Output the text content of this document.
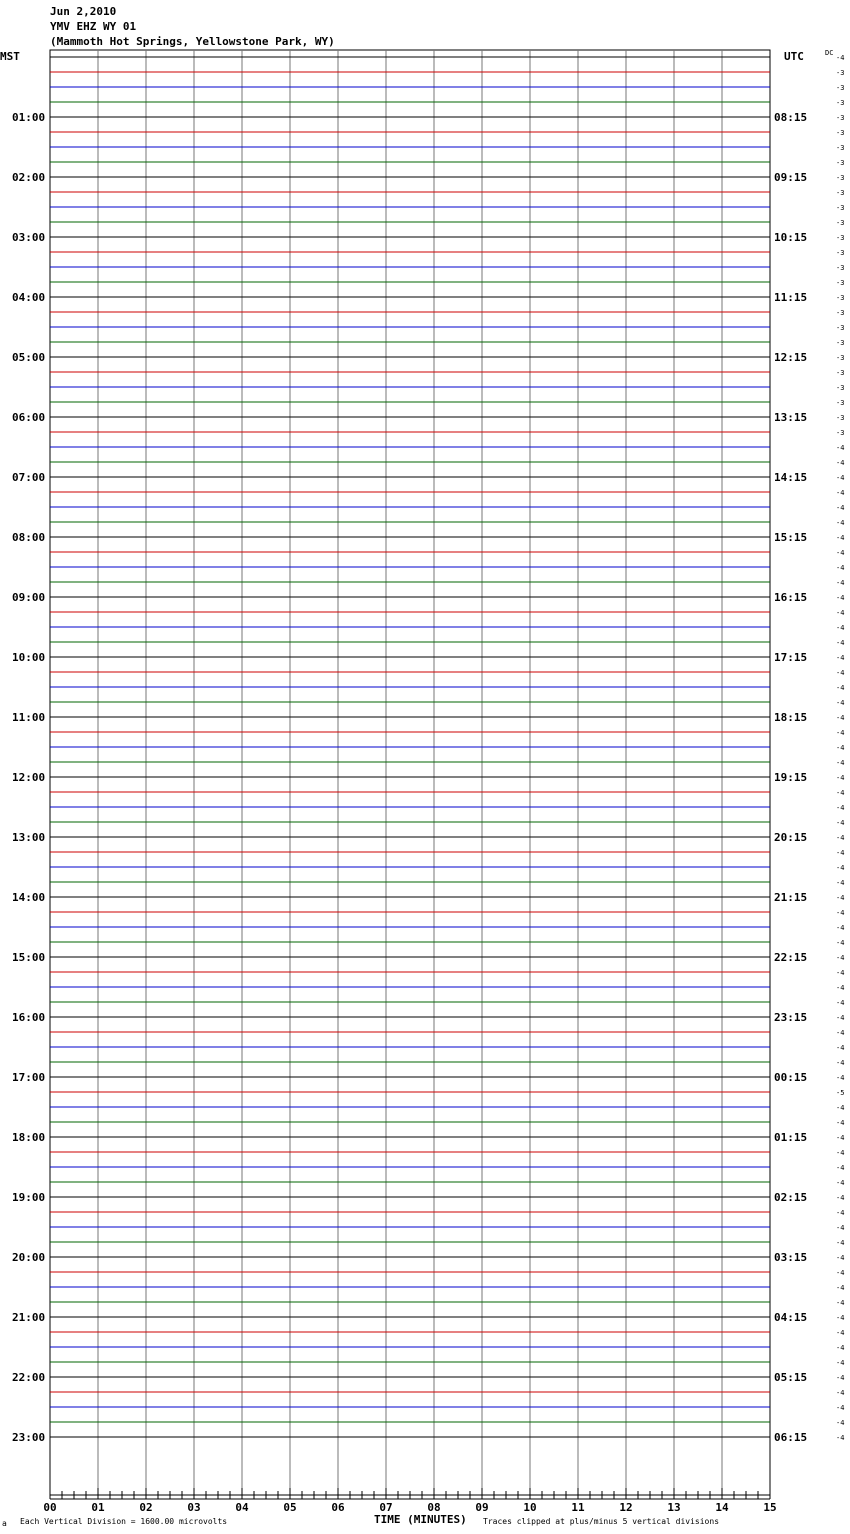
Jun 2,2010
YMV EHZ WY 01
(Mammoth Hot Springs, Yellowstone Park, WY)
MST	UTC
01:00
02:00
03:00
04:00
05:00
06:00
07:00
08:00
09:00
10:00
11:00
12:00
13:00
14:00
15:00
16:00
17:00
18:00
19:00
20:00
21:00
22:00
23:00
08:15
09:15
10:15
11:15
12:15
13:15
14:15
15:15
16:15
17:15
18:15
19:15
20:15
21:15
22:15
23:15
00:15
01:15
02:15
03:15
04:15
05:15
06:15
DC
-4
-3
-3
-3
-3
-3
-3
-3
-3
-3
-3
-3
-3
-3
-3
-3
-3
-3
-3
-3
-3
-3
-3
-3
-3
-3
-4
-4
-4
-4
-4
-4
-4
-4
-4
-4
-4
-4
-4
-4
-4
-4
-4
-4
-4
-4
-4
-4
-4
-4
-4
-4
-4
-4
-4
-4
-4
-4
-4
-4
-4
-4
-4
-4
-4
-4
-4
-4
-4
-5
-4
-4
-4
-4
-4
-4
-4
-4
-4
-4
-4
-4
-4
-4
-4
-4
-4
-4
-4
-4
-4
-4
-4
00	01	02	03	04	05	06	07	08	09	10	11	12	13	14	15
a Each Vertical Division = 1600.00 microvolts	TIME (MINUTES) Traces clipped at plus/minus 5 vertical divisions
